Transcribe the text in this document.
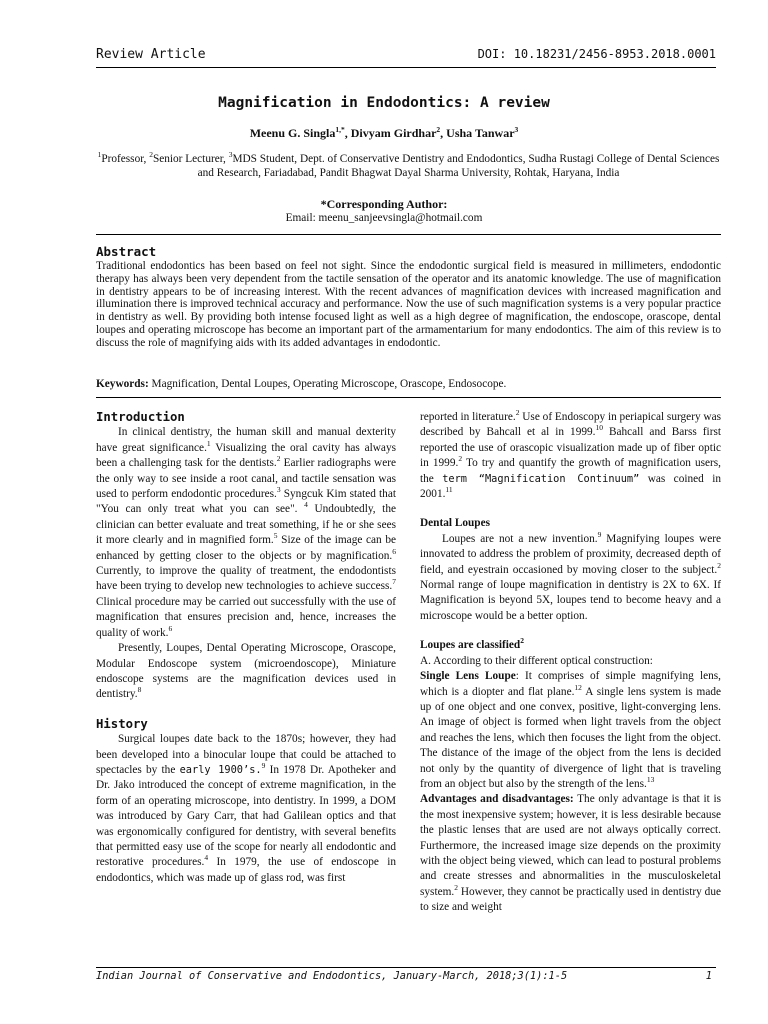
Review Article	DOI: 10.18231/2456-8953.2018.0001
Magnification in Endodontics: A review
Meenu G. Singla$^{1,*}$, Divyam Girdhar$^2$, Usha Tanwar$^3$
$^1$Professor, $^2$Senior Lecturer, $^3$MDS Student, Dept. of Conservative Dentistry and Endodontics, Sudha Rustagi College of Dental Sciences and Research, Fariadabad, Pandit Bhagwat Dayal Sharma University, Rohtak, Haryana, India
*Corresponding Author:
Email: meenu_sanjeevsingla@hotmail.com
Abstract

Traditional endodontics has been based on feel not sight. Since the endodontic surgical field is measured in millimeters, endodontic therapy has always been very dependent from the tactile sensation of the operator and its anatomic knowledge. The use of magnification in dentistry appears to be of increasing interest. With the recent advances of magnification devices with increased magnification and illumination there is improved technical accuracy and performance. Now the use of such magnification systems is a very popular practice in dentistry as well. By providing both intense focused light as well as a high degree of magnification, the endoscope, orascope, dental loupes and operating microscope has become an important part of the armamentarium for many endodontics. The aim of this review is to discuss the role of magnifying aids with its added advantages in endodontic.

Keywords: Magnification, Dental Loupes, Operating Microscope, Orascope, Endosocope.

Introduction

In clinical dentistry, the human skill and manual dexterity have great significance.$^1$ Visualizing the oral cavity has always been a challenging task for the dentists.$^2$ Earlier radiographs were the only way to see inside a root canal, and tactile sensation was used to perform endodontic procedures.$^3$ Syngcuk Kim stated that "You can only treat what you can see". $^4$ Undoubtedly, the clinician can better evaluate and treat something, if he or she sees it more clearly and in magnified form.$^5$ Size of the image can be enhanced by getting closer to the objects or by magnification.$^6$ Currently, to improve the quality of treatment, the endodontists have been trying to develop new technologies to achieve success.$^7$ Clinical procedure may be carried out successfully with the use of magnification that ensures precision and, hence, increases the quality of work.$^6$

Presently, Loupes, Dental Operating Microscope, Orascope, Modular Endoscope system (microendoscope), Miniature endoscope systems are the magnification devices used in dentistry.$^8$

History

Surgical loupes date back to the 1870s; however, they had been developed into a binocular loupe that could be attached to spectacles by the early 1900’s.$^9$ In 1978 Dr. Apotheker and Dr. Jako introduced the concept of extreme magnification, in the form of an operating microscope, into dentistry. In 1999, a DOM was introduced by Gary Carr, that had Galilean optics and that was ergonomically configured for dentistry, with several benefits that permitted easy use of the scope for nearly all endodontic and restorative procedures.$^4$ In 1979, the use of endoscope in endodontics, which was made up of glass rod, was first

reported in literature.$^2$ Use of Endoscopy in periapical surgery was described by Bahcall et al in 1999.10 Bahcall and Barss first reported the use of orascopic visualization made up of fiber optic in 1999.$^2$ To try and quantify the growth of magnification users, the term “Magnification Continuum” was coined in 2001.11

Dental Loupes

Loupes are not a new invention.$^9$ Magnifying loupes were innovated to address the problem of proximity, decreased depth of field, and eyestrain occasioned by moving closer to the subject.$^2$ Normal range of loupe magnification in dentistry is 2X to 6X. If Magnification is beyond 5X, loupes tend to become heavy and a microscope would be a better option.

Loupes are classified$^2$

A. According to their different optical construction:

Single Lens Loupe: It comprises of simple magnifying lens, which is a diopter and flat plane.$^{12}$ A single lens system is made up of one object and one convex, positive, light-converging lens. An image of object is formed when light travels from the object and reaches the lens, which then focuses the light from the object. The distance of the image of the object from the lens is decided not only by the quantity of divergence of light that is traveling from an object but also by the strength of the lens.$^{13}$

Advantages and disadvantages: The only advantage is that it is the most inexpensive system; however, it is less desirable because the plastic lenses that are used are not always optically correct. Furthermore, the increased image size depends on the proximity with the object being viewed, which can lead to postural problems and create stresses and abnormalities in the musculoskeletal system.$^2$ However, they cannot be practically used in dentistry due to size and weight

Indian Journal of Conservative and Endodontics, January-March, 2018;3(1):1-5	1
